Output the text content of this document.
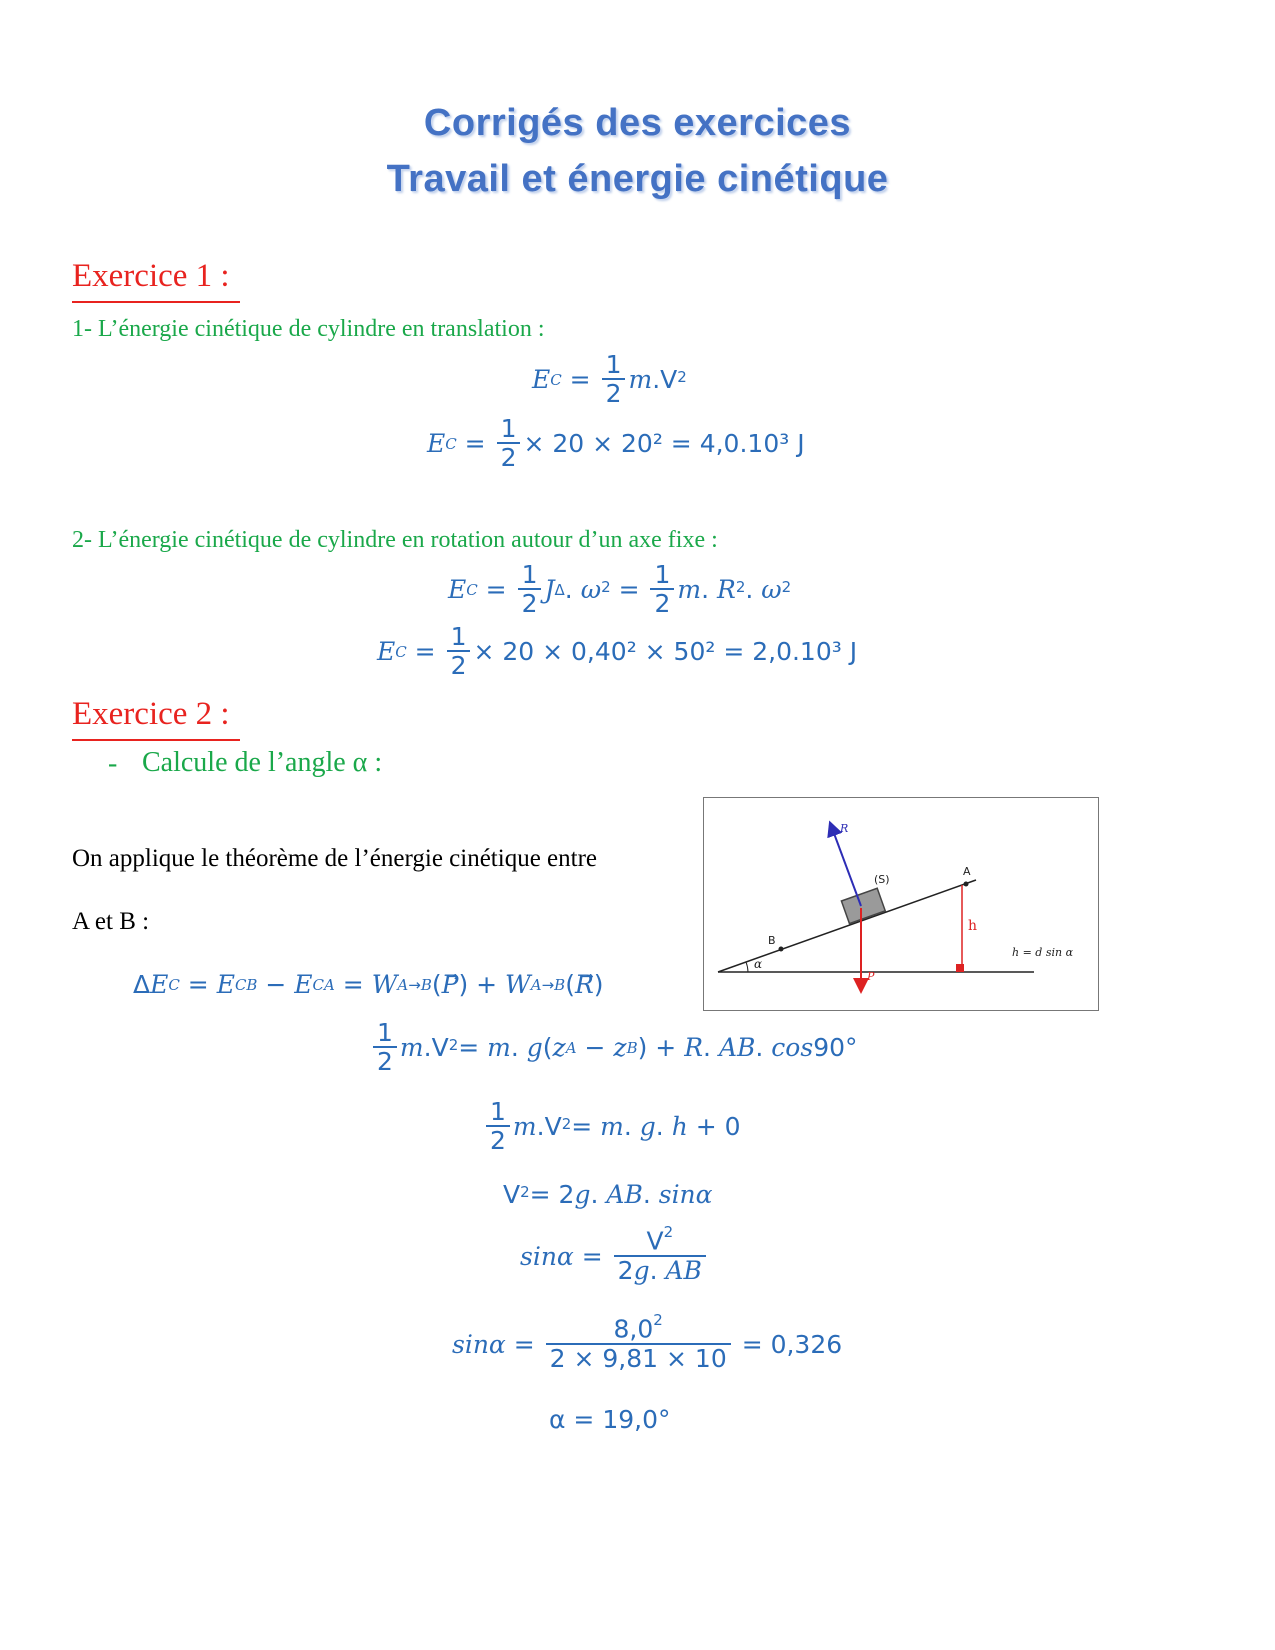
Corrigés des exercices
Travail et énergie cinétique
Exercice 1 :
1- L’énergie cinétique de cylindre en translation :
E $C = \frac{1}{2}$ m $.V^2$
E $C = \frac{1}{2} \times 20 \times 20^2 = 4,0.10^3$ J
2- L’énergie cinétique de cylindre en rotation autour d’un axe fixe :
E $C = \frac{1}{2}$ J Δ . $\omega^2 = \frac{1}{2}$ m . $R^2$ . $\omega^2$
E $C = \frac{1}{2} \times 20 \times 0,40^2 \times 50^2 = 2,0.10^3$ J
Exercice 2 :
- Calcule de l’angle α :
On applique le théorème de l’énergie cinétique entre
A et B :
α
B
(S)
R
P
A
h
h = d sin α
Δ E C = E CB − E CA = W A→B ( P ⃗) + W A→B ( R ⃗)
$\frac{1}{2}$ m $.V^2 = m$ . g ( z A − z B ) + R . AB . cos 90°
$\frac{1}{2}$ m $.V^2 = m$ . g . h + 0
$V^2 = 2$ g . AB . sinα
$\sin\alpha = \frac{V^2}{2g. AB}$
$\sin\alpha = \frac{8,0^2}{2 \times 9,81 \times 10}$
= 0,326
α = 19,0°
